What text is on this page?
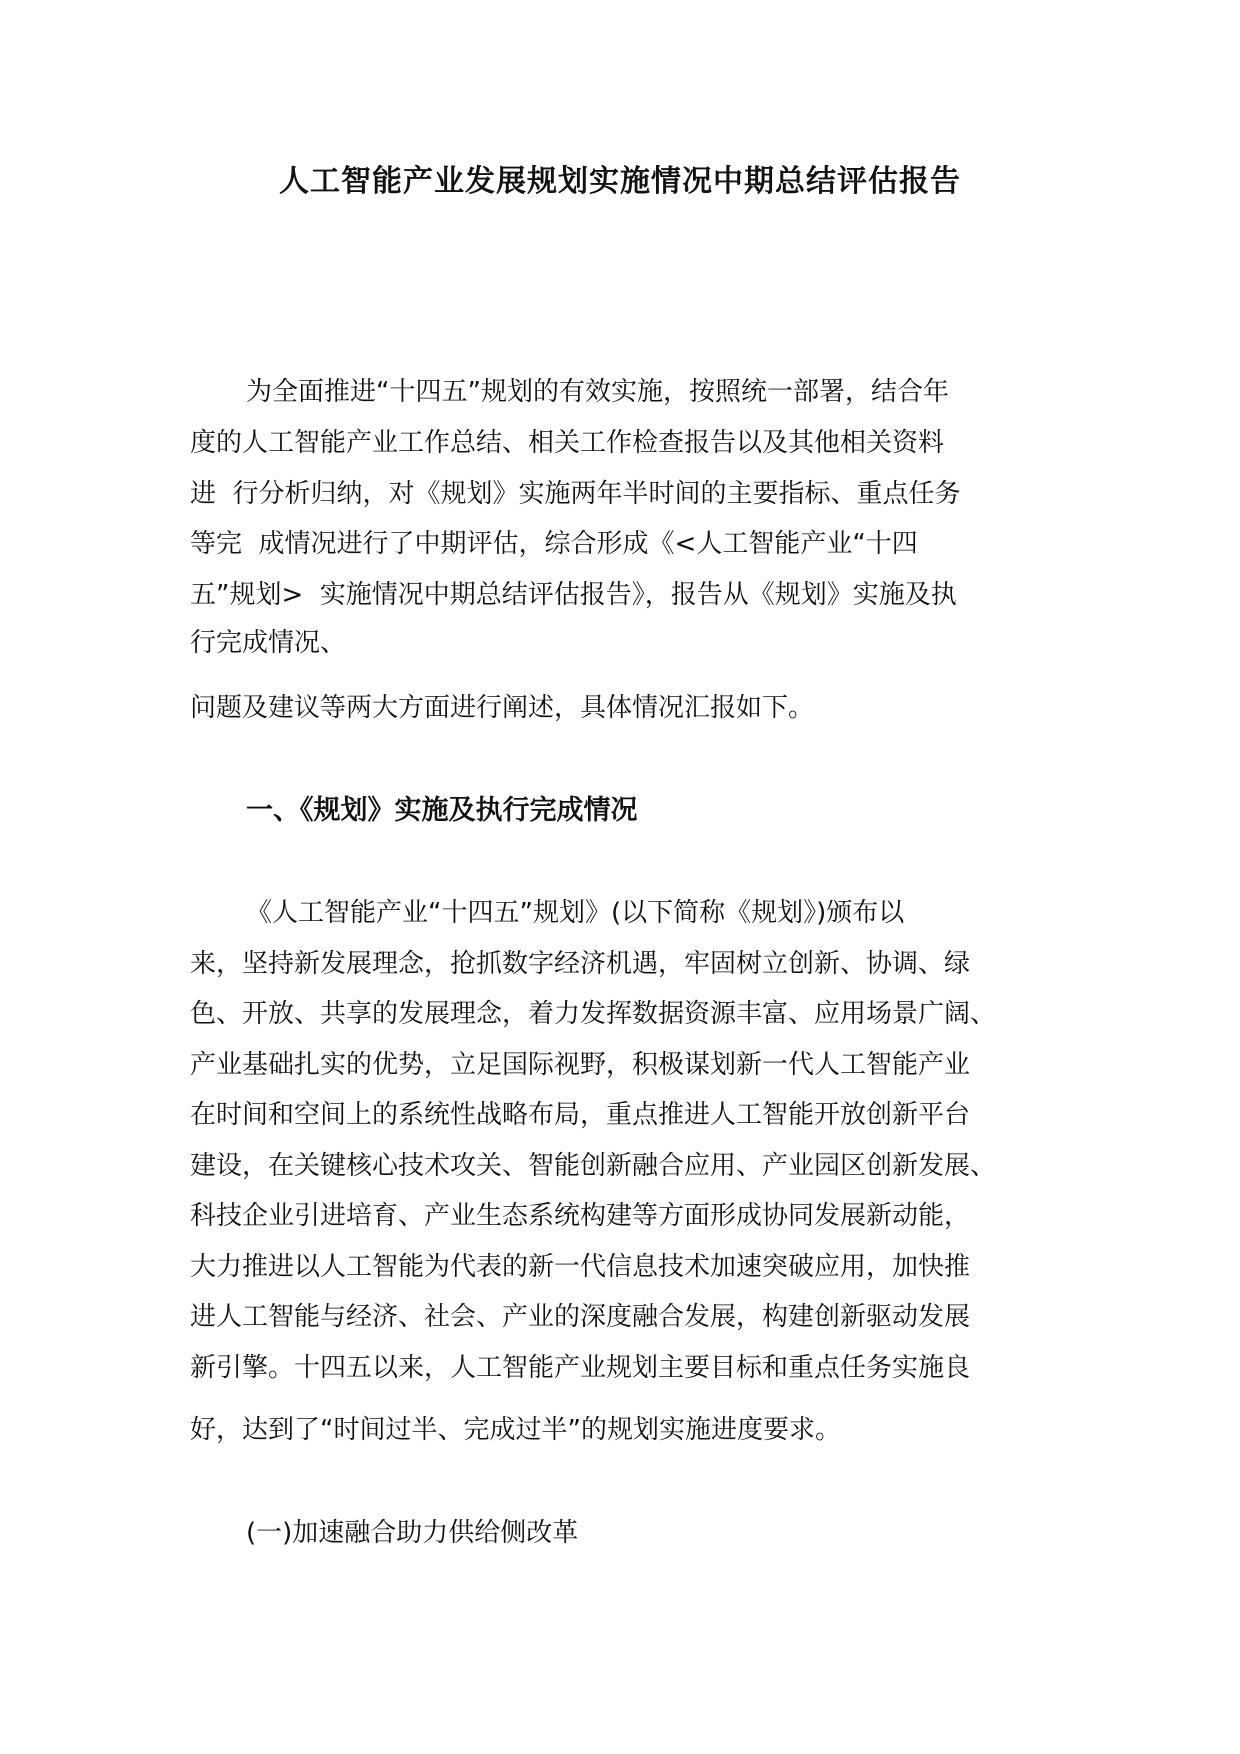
人工智能产业发展规划实施情况中期总结评估报告
为全面推进“十四五”规划的有效实施，按照统一部署，结合年
度的人工智能产业工作总结、相关工作检查报告以及其他相关资料
进  行分析归纳，对《规划》实施两年半时间的主要指标、重点任务
等完  成情况进行了中期评估，综合形成《<人工智能产业“十四
五”规划>  实施情况中期总结评估报告》，报告从《规划》实施及执
行完成情况、
问题及建议等两大方面进行阐述，具体情况汇报如下。
一、《规划》实施及执行完成情况
《人工智能产业“十四五”规划》(以下简称《规划》)颁布以
来，坚持新发展理念，抢抓数字经济机遇，牢固树立创新、协调、绿
色、开放、共享的发展理念，着力发挥数据资源丰富、应用场景广阔、
产业基础扎实的优势，立足国际视野，积极谋划新一代人工智能产业
在时间和空间上的系统性战略布局，重点推进人工智能开放创新平台
建设，在关键核心技术攻关、智能创新融合应用、产业园区创新发展、
科技企业引进培育、产业生态系统构建等方面形成协同发展新动能，
大力推进以人工智能为代表的新一代信息技术加速突破应用，加快推
进人工智能与经济、社会、产业的深度融合发展，构建创新驱动发展
新引擎。十四五以来，人工智能产业规划主要目标和重点任务实施良
好，达到了“时间过半、完成过半”的规划实施进度要求。
(一)加速融合助力供给侧改革
